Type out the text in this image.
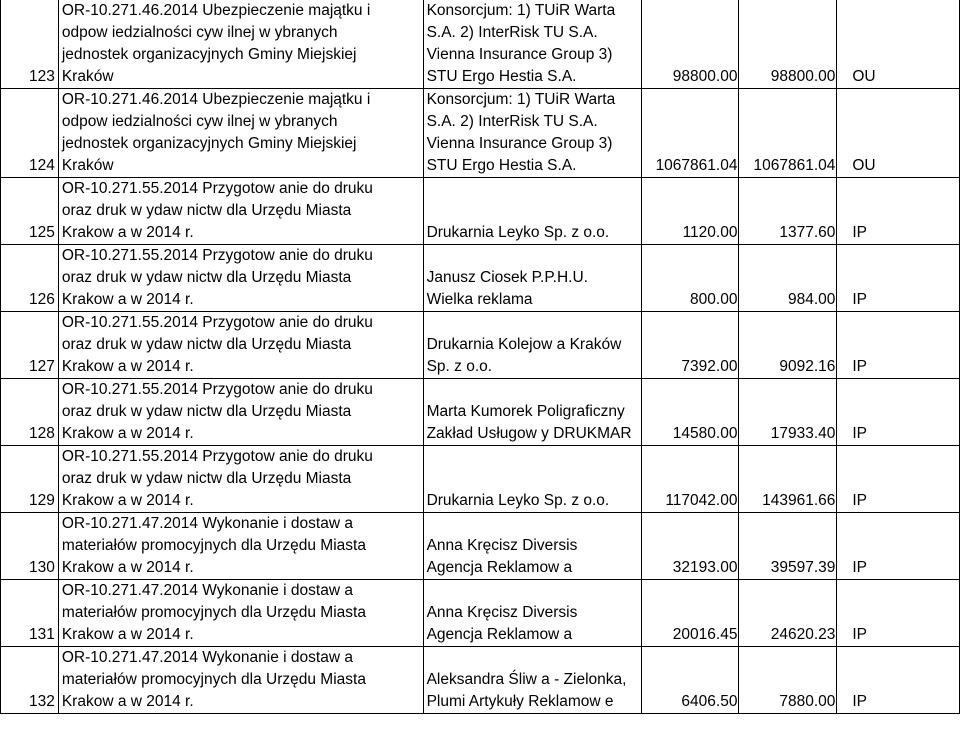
123	OR-10.271.46.2014 Ubezpieczenie majątku i
odpow iedzialności cyw ilnej w ybranych
jednostek organizacyjnych Gminy Miejskiej
Kraków	Konsorcjum: 1) TUiR Warta
S.A. 2) InterRisk TU S.A.
Vienna Insurance Group 3)
STU Ergo Hestia S.A.	98800.00	98800.00	OU
124	OR-10.271.46.2014 Ubezpieczenie majątku i
odpow iedzialności cyw ilnej w ybranych
jednostek organizacyjnych Gminy Miejskiej
Kraków	Konsorcjum: 1) TUiR Warta
S.A. 2) InterRisk TU S.A.
Vienna Insurance Group 3)
STU Ergo Hestia S.A.	1067861.04	1067861.04	OU
125	OR-10.271.55.2014 Przygotow anie do druku
oraz druk w ydaw nictw dla Urzędu Miasta
Krakow a w 2014 r.	Drukarnia Leyko Sp. z o.o.	1120.00	1377.60	IP
126	OR-10.271.55.2014 Przygotow anie do druku
oraz druk w ydaw nictw dla Urzędu Miasta
Krakow a w 2014 r.	Janusz Ciosek P.P.H.U.
Wielka reklama	800.00	984.00	IP
127	OR-10.271.55.2014 Przygotow anie do druku
oraz druk w ydaw nictw dla Urzędu Miasta
Krakow a w 2014 r.	Drukarnia Kolejow a Kraków
Sp. z o.o.	7392.00	9092.16	IP
128	OR-10.271.55.2014 Przygotow anie do druku
oraz druk w ydaw nictw dla Urzędu Miasta
Krakow a w 2014 r.	Marta Kumorek Poligraficzny
Zakład Usługow y DRUKMAR	14580.00	17933.40	IP
129	OR-10.271.55.2014 Przygotow anie do druku
oraz druk w ydaw nictw dla Urzędu Miasta
Krakow a w 2014 r.	Drukarnia Leyko Sp. z o.o.	117042.00	143961.66	IP
130	OR-10.271.47.2014 Wykonanie i dostaw a
materiałów promocyjnych dla Urzędu Miasta
Krakow a w 2014 r.	Anna Kręcisz Diversis
Agencja Reklamow a	32193.00	39597.39	IP
131	OR-10.271.47.2014 Wykonanie i dostaw a
materiałów promocyjnych dla Urzędu Miasta
Krakow a w 2014 r.	Anna Kręcisz Diversis
Agencja Reklamow a	20016.45	24620.23	IP
132	OR-10.271.47.2014 Wykonanie i dostaw a
materiałów promocyjnych dla Urzędu Miasta
Krakow a w 2014 r.	Aleksandra Śliw a - Zielonka,
Plumi Artykuły Reklamow e	6406.50	7880.00	IP
